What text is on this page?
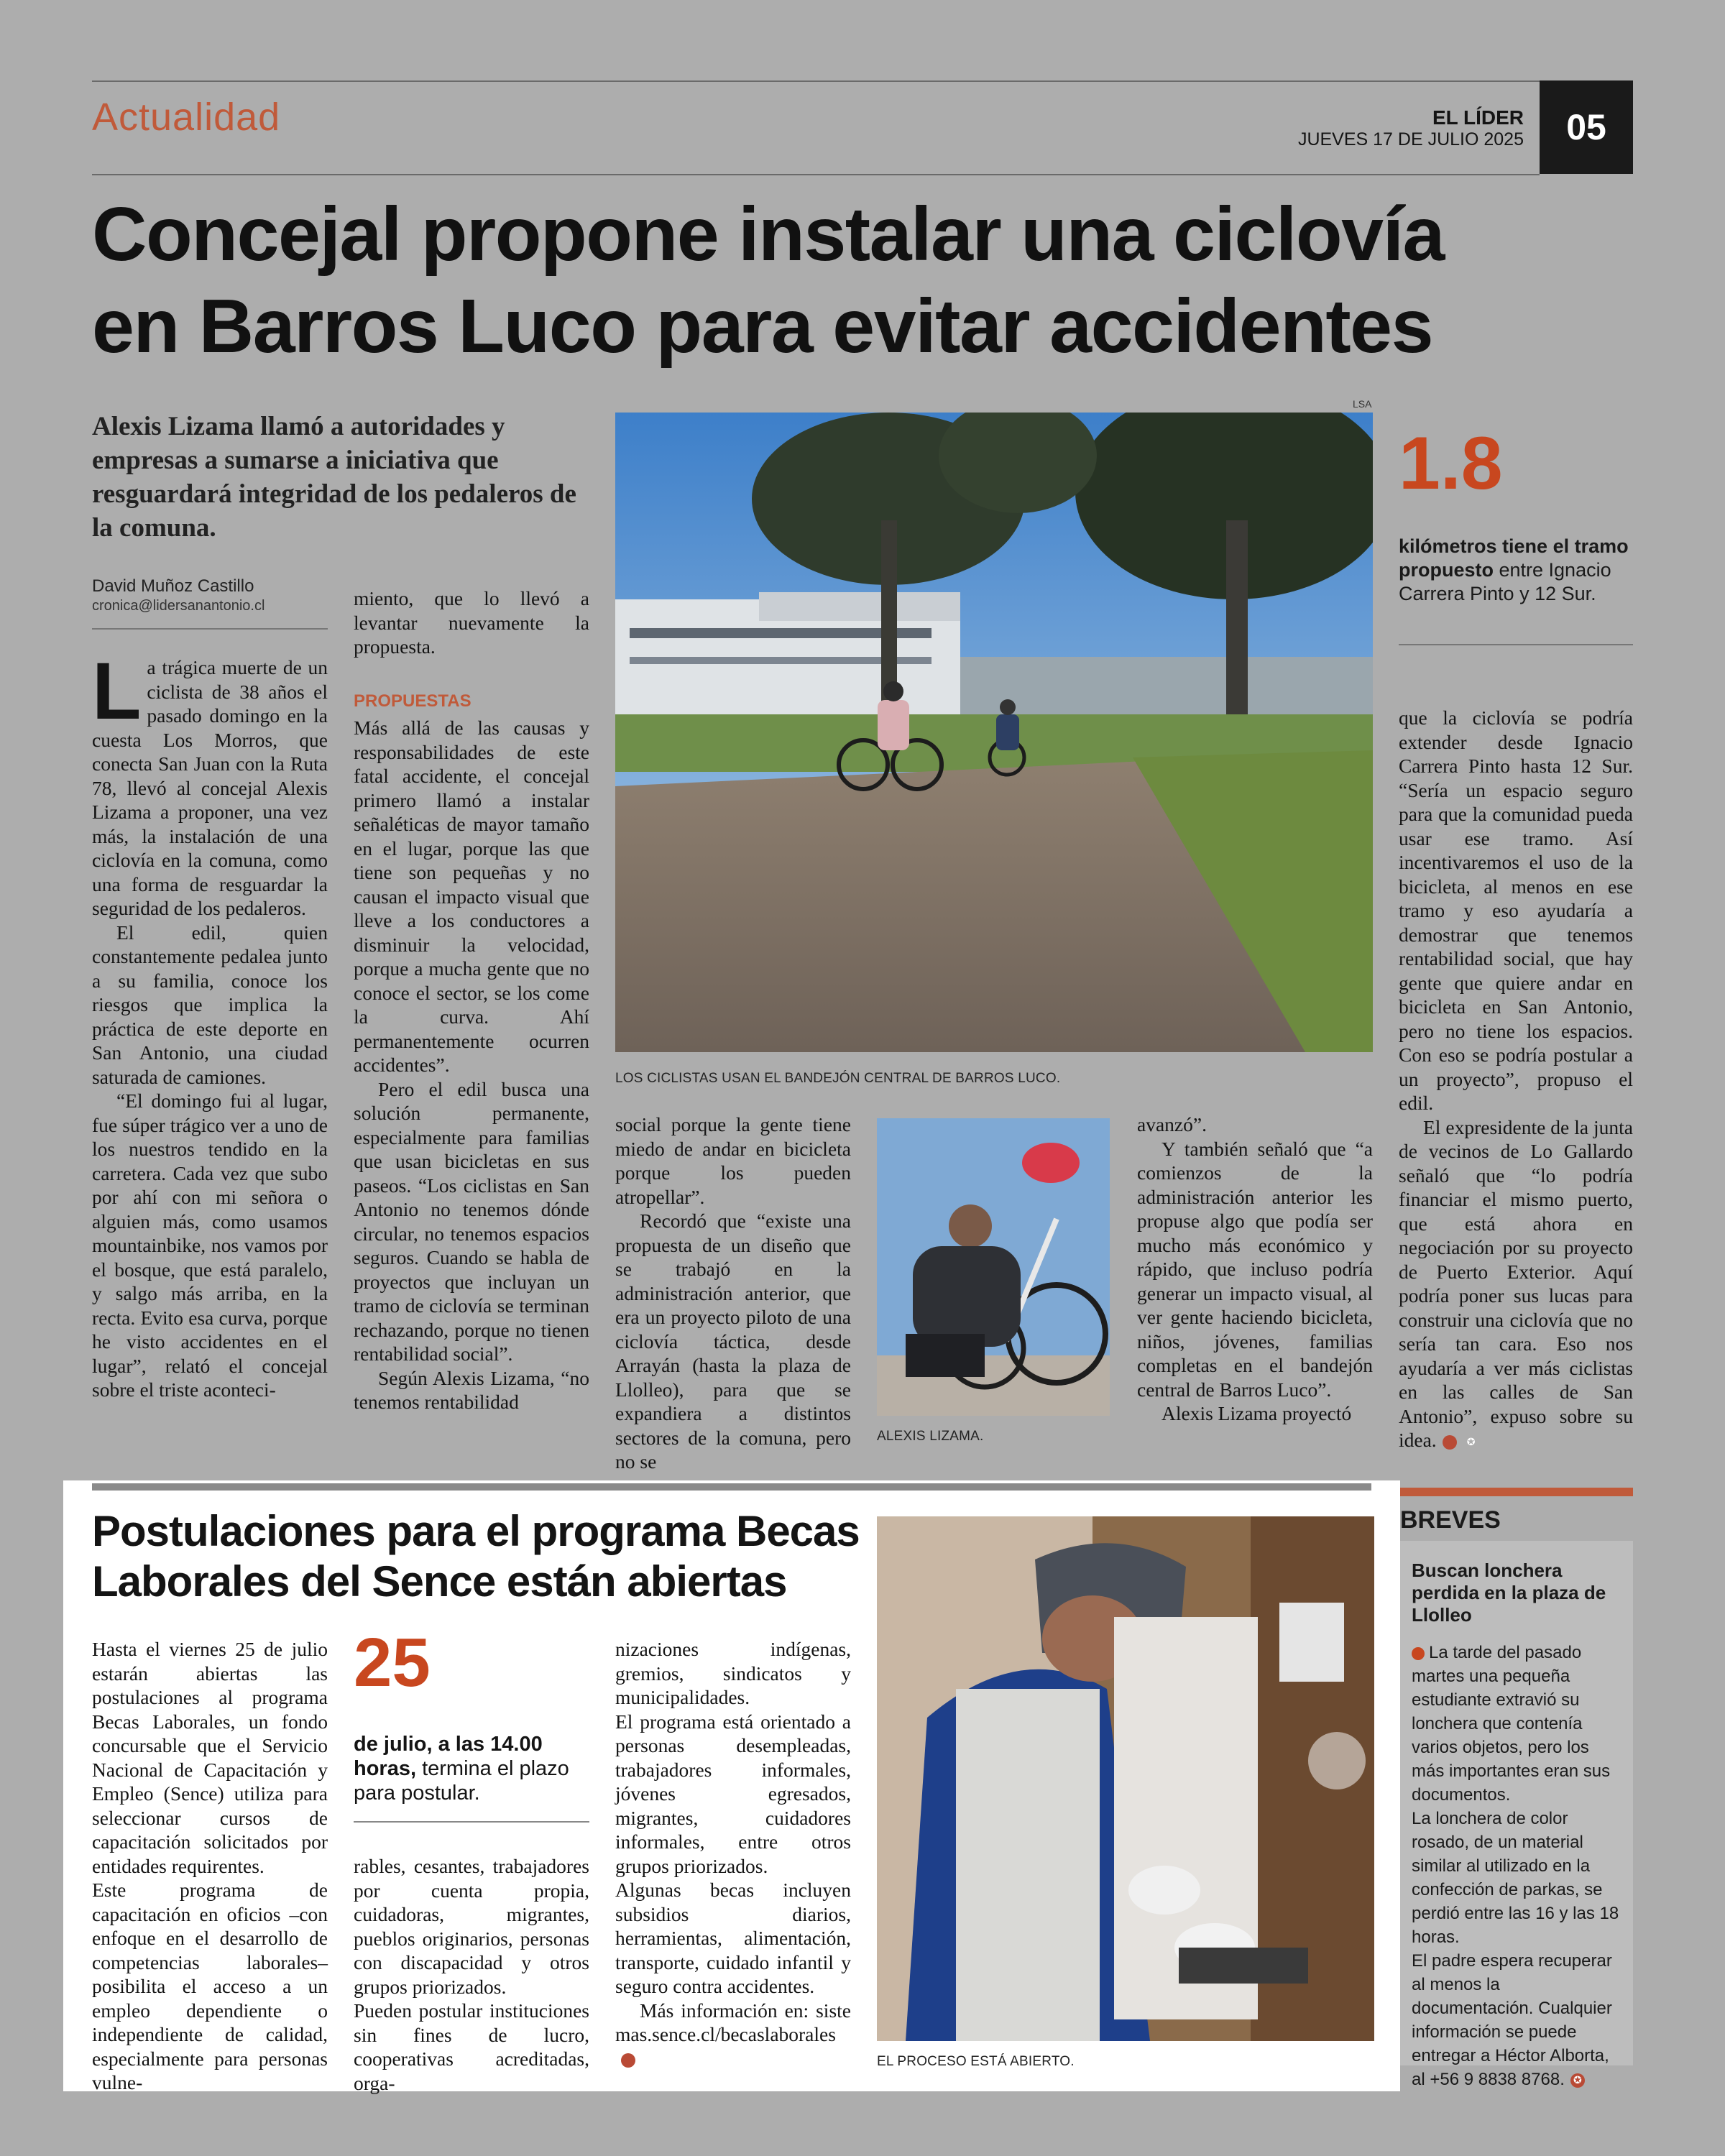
Actualidad	EL LÍDER
JUEVES 17 DE JULIO 2025 05
Concejal propone instalar una ciclovía
en Barros Luco para evitar accidentes
Alexis Lizama llamó a autoridades y empresas a sumarse a iniciativa que resguardará integridad de los pedaleros de la comuna.
David Muñoz Castillo
cronica@lidersanantonio.cl

La trágica muerte de un ciclista de 38 años el pasado domingo en la cuesta Los Morros, que conecta San Juan con la Ruta 78, llevó al concejal Alexis Lizama a proponer, una vez más, la instalación de una ciclovía en la comuna, como una forma de resguardar la seguridad de los pedaleros.

El edil, quien constantemente pedalea junto a su familia, conoce los riesgos que implica la práctica de este deporte en San Antonio, una ciudad saturada de camiones.

“El domingo fui al lugar, fue súper trágico ver a uno de los nuestros tendido en la carretera. Cada vez que subo por ahí con mi señora o alguien más, como usamos mountainbike, nos vamos por el bosque, que está paralelo, y salgo más arriba, en la recta. Evito esa curva, porque he visto accidentes en el lugar”, relató el concejal sobre el triste aconteci-

miento, que lo llevó a levantar nuevamente la propuesta.

PROPUESTAS

Más allá de las causas y responsabilidades de este fatal accidente, el concejal primero llamó a instalar señaléticas de mayor tamaño en el lugar, porque las que tiene son pequeñas y no causan el impacto visual que lleve a los conductores a disminuir la velocidad, porque a mucha gente que no conoce el sector, se los come la curva. Ahí permanentemente ocurren accidentes”.

Pero el edil busca una solución permanente, especialmente para familias que usan bicicletas en sus paseos. “Los ciclistas en San Antonio no tenemos dónde circular, no tenemos espacios seguros. Cuando se habla de proyectos que incluyan un tramo de ciclovía se terminan rechazando, porque no tienen rentabilidad social”.

Según Alexis Lizama, “no tenemos rentabilidad

LSA
LOS CICLISTAS USAN EL BANDEJÓN CENTRAL DE BARROS LUCO.

social porque la gente tiene miedo de andar en bicicleta porque los pueden atropellar”.

Recordó que “existe una propuesta de un diseño que se trabajó en la administración anterior, que era un proyecto piloto de una ciclovía táctica, desde Arrayán (hasta la plaza de Llolleo), para que se expandiera a distintos sectores de la comuna, pero no se

ALEXIS LIZAMA.

avanzó”.

Y también señaló que “a comienzos de la administración anterior les propuse algo que podía ser mucho más económico y rápido, que incluso podría generar un impacto visual, al ver gente haciendo bicicleta, niños, jóvenes, familias completas en el bandejón central de Barros Luco”.

Alexis Lizama proyectó

1.8
kilómetros tiene el tramo propuesto entre Ignacio Carrera Pinto y 12 Sur.

que la ciclovía se podría extender desde Ignacio Carrera Pinto hasta 12 Sur. “Sería un espacio seguro para que la comunidad pueda usar ese tramo. Así incentivaremos el uso de la bicicleta, al menos en ese tramo y eso ayudaría a demostrar que tenemos rentabilidad social, que hay gente que quiere andar en bicicleta en San Antonio, pero no tiene los espacios. Con eso se podría postular a un proyecto”, propuso el edil.

El expresidente de la junta de vecinos de Lo Gallardo señaló que “lo podría financiar el mismo puerto, que está ahora en negociación por su proyecto de Puerto Exterior. Aquí podría poner sus lucas para construir una ciclovía que no sería tan cara. Eso nos ayudaría a ver más ciclistas en las calles de San Antonio”, expuso sobre su idea.	✪

Postulaciones para el programa Becas
Laborales del Sence están abiertas

Hasta el viernes 25 de julio estarán abiertas las postulaciones al programa Becas Laborales, un fondo concursable que el Servicio Nacional de Capacitación y Empleo (Sence) utiliza para seleccionar cursos de capacitación solicitados por entidades requirentes.

Este programa de capacitación en oficios –con enfoque en el desarrollo de competencias laborales– posibilita el acceso a un empleo dependiente o independiente de calidad, especialmente para personas vulne-

25
de julio, a las 14.00 horas, termina el plazo para postular.

rables, cesantes, trabajadores por cuenta propia, cuidadoras, migrantes, pueblos originarios, personas con discapacidad y otros grupos priorizados.

Pueden postular instituciones sin fines de lucro, cooperativas acreditadas, orga-

nizaciones indígenas, gremios, sindicatos y municipalidades.

El programa está orientado a personas desempleadas, trabajadores informales, jóvenes egresados, migrantes, cuidadores informales, entre otros grupos priorizados.

Algunas becas incluyen subsidios diarios, herramientas, alimentación, transporte, cuidado infantil y seguro contra accidentes.

Más información en: sistemas.sence.cl/becaslaborales✪	EL PROCESO ESTÁ ABIERTO.
BREVES
Buscan lonchera perdida en la plaza de Llolleo

La tarde del pasado martes una pequeña estudiante extravió su lonchera que contenía varios objetos, pero los más importantes eran sus documentos.

La lonchera de color rosado, de un material similar al utilizado en la confección de parkas, se perdió entre las 16 y las 18 horas.

El padre espera recuperar al menos la documentación. Cualquier información se puede entregar a Héctor Alborta, al +56 9 8838 8768. ✪
